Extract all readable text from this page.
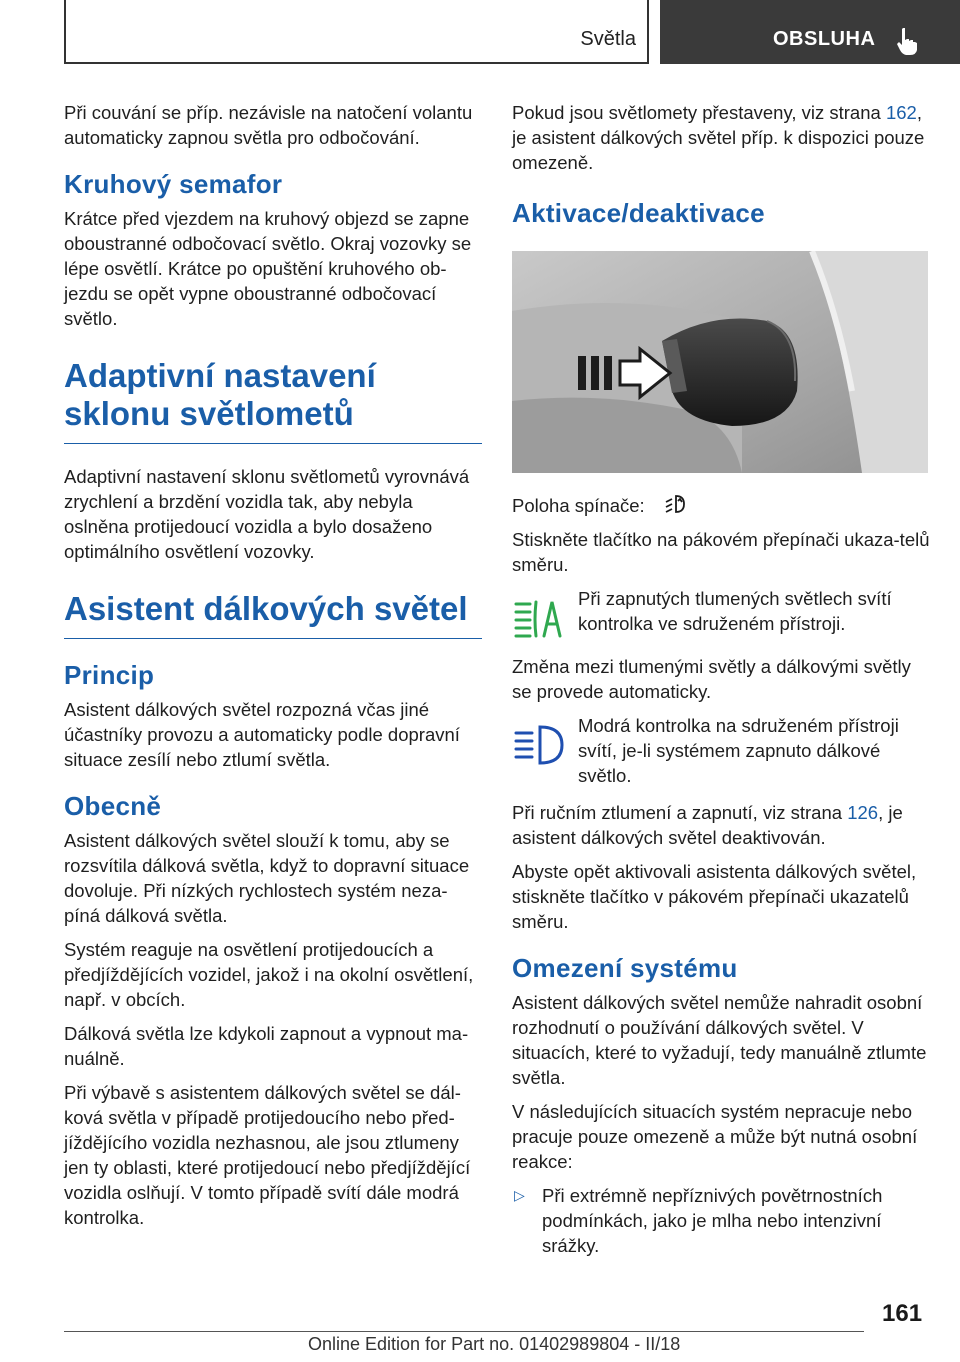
Světla	OBSLUHA

Při couvání se příp. nezávisle na natočení volantu automaticky zapnou světla pro odbočování.

Kruhový semafor

Krátce před vjezdem na kruhový objezd se zapne oboustranné odbočovací světlo. Okraj vozovky se lépe osvětlí. Krátce po opuštění kruhového ob-jezdu se opět vypne oboustranné odbočovací světlo.

Adaptivní nastavení sklonu světlometů

Adaptivní nastavení sklonu světlometů vyrovnává zrychlení a brzdění vozidla tak, aby nebyla oslněna protijedoucí vozidla a bylo dosaženo optimálního osvětlení vozovky.

Asistent dálkových světel
Princip

Asistent dálkových světel rozpozná včas jiné účastníky provozu a automaticky podle dopravní situace zesílí nebo ztlumí světla.

Obecně

Asistent dálkových světel slouží k tomu, aby se rozsvítila dálková světla, když to dopravní situace dovoluje. Při nízkých rychlostech systém neza-píná dálková světla.

Systém reaguje na osvětlení protijedoucích a předjíždějících vozidel, jakož i na okolní osvětlení, např. v obcích.

Dálková světla lze kdykoli zapnout a vypnout ma-nuálně.

Při výbavě s asistentem dálkových světel se dál-ková světla v případě protijedoucího nebo před-jíždějícího vozidla nezhasnou, ale jsou ztlumeny jen ty oblasti, které protijedoucí nebo předjíždějící vozidla oslňují. V tomto případě svítí dále modrá kontrolka.

Pokud jsou světlomety přestaveny, viz strana 162, je asistent dálkových světel příp. k dispozici pouze omezeně.

Aktivace/deaktivace

Poloha spínače:

Stiskněte tlačítko na pákovém přepínači ukaza-telů směru.

Při zapnutých tlumených světlech svítí kontrolka ve sdruženém přístroji.

Změna mezi tlumenými světly a dálkovými světly se provede automaticky.

Modrá kontrolka na sdruženém přístroji svítí, je-li systémem zapnuto dálkové světlo.

Při ručním ztlumení a zapnutí, viz strana 126, je asistent dálkových světel deaktivován.

Abyste opět aktivovali asistenta dálkových světel, stiskněte tlačítko v pákovém přepínači ukazatelů směru.

Omezení systému

Asistent dálkových světel nemůže nahradit osobní rozhodnutí o používání dálkových světel. V situacích, které to vyžadují, tedy manuálně ztlumte světla.

V následujících situacích systém nepracuje nebo pracuje pouze omezeně a může být nutná osobní reakce:

▷ Při extrémně nepříznivých povětrnostních podmínkách, jako je mlha nebo intenzivní srážky.

161
Online Edition for Part no. 01402989804 - II/18
